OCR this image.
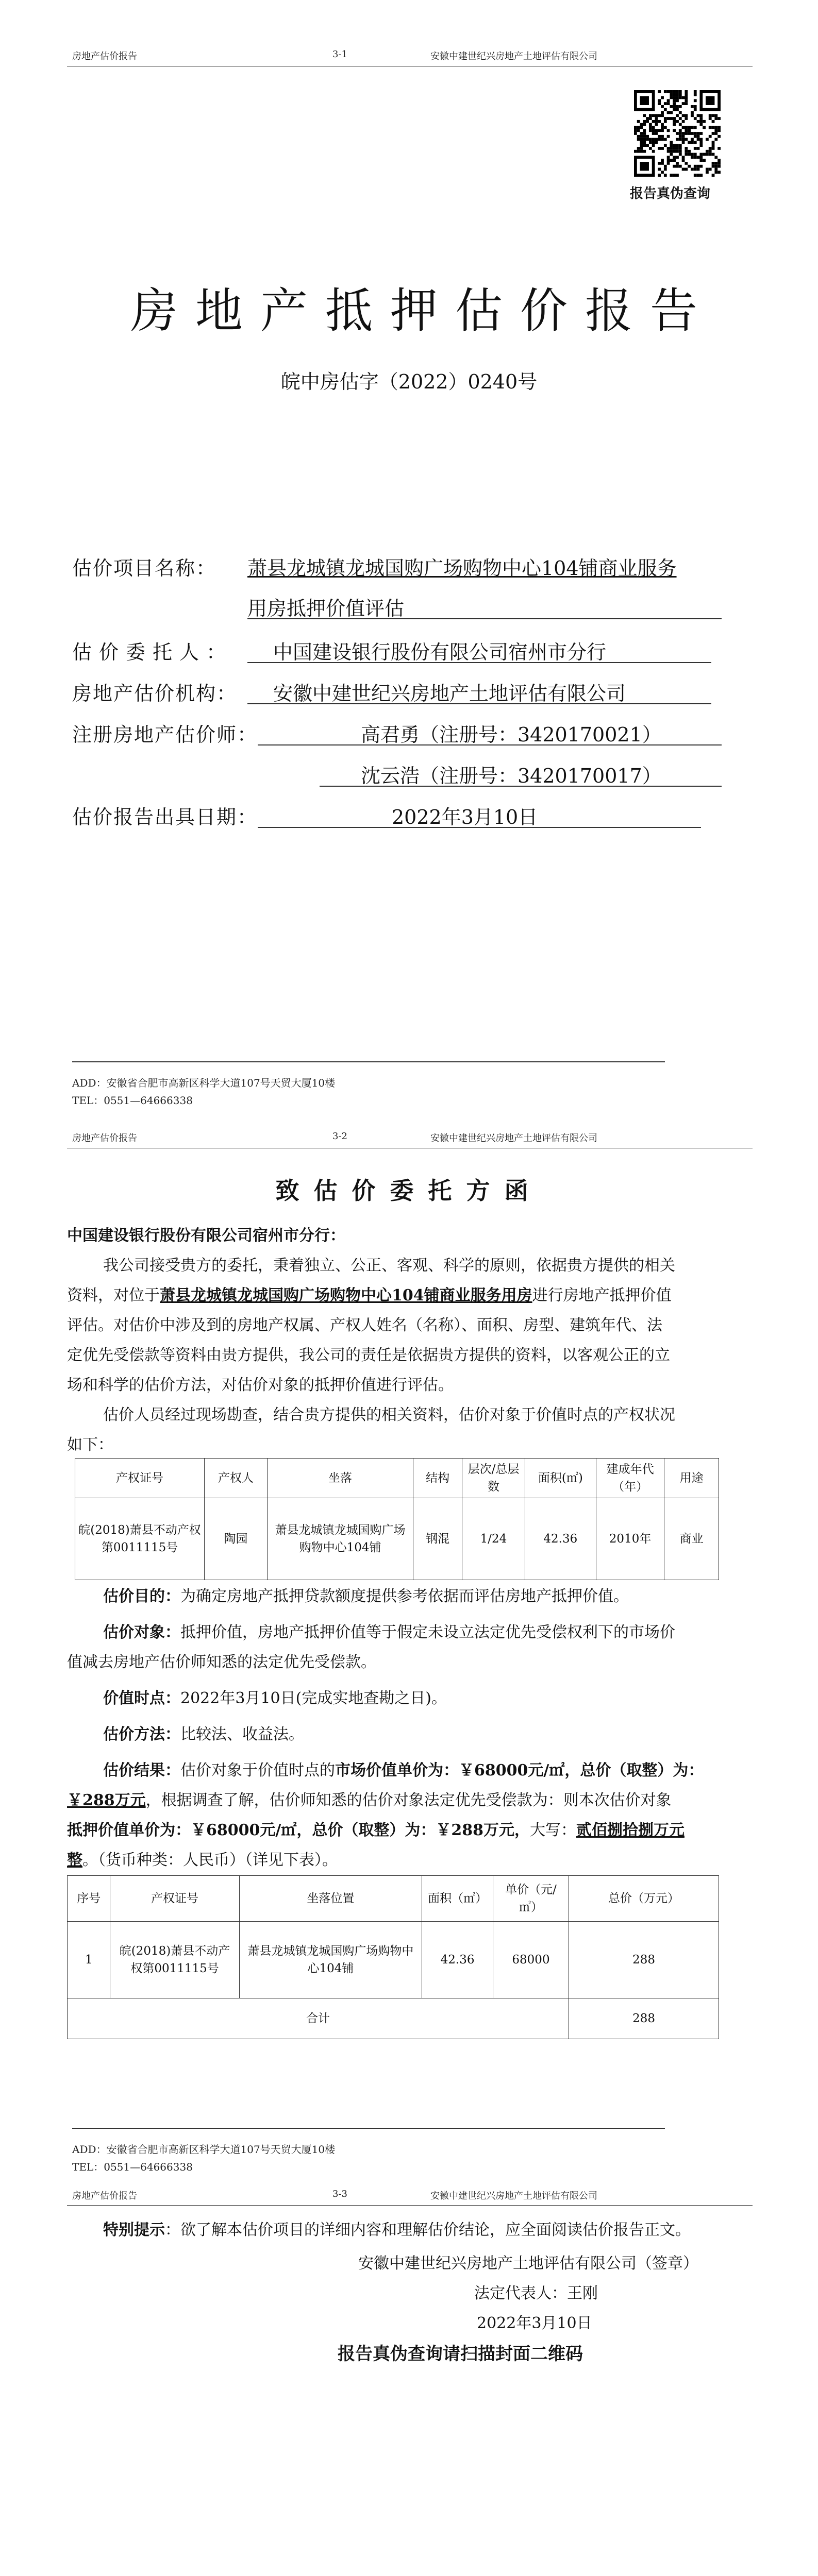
房地产估价报告	3-1	安徽中建世纪兴房地产土地评估有限公司
报告真伪查询
房地产抵押估价报告
皖中房估字（2022）0240号
估价项目名称： 萧县龙城镇龙城国购广场购物中心104铺商业服务
用房抵押价值评估
估价委托人： 中国建设银行股份有限公司宿州市分行
房地产估价机构： 安徽中建世纪兴房地产土地评估有限公司
注册房地产估价师：	高君勇（注册号：3420170021）
沈云浩（注册号：3420170017）
估价报告出具日期：	2022年3月10日
ADD：安徽省合肥市高新区科学大道107号天贸大厦10楼
TEL：0551—64666338
房地产估价报告	3-2	安徽中建世纪兴房地产土地评估有限公司
致估价委托方函
中国建设银行股份有限公司宿州市分行：
我公司接受贵方的委托，秉着独立、公正、客观、科学的原则，依据贵方提供的相关
资料，对位于萧县龙城镇龙城国购广场购物中心104铺商业服务用房进行房地产抵押价值
评估。对估价中涉及到的房地产权属、产权人姓名（名称）、面积、房型、建筑年代、法
定优先受偿款等资料由贵方提供，我公司的责任是依据贵方提供的资料，以客观公正的立
场和科学的估价方法，对估价对象的抵押价值进行评估。
估价人员经过现场勘查，结合贵方提供的相关资料，估价对象于价值时点的产权状况
如下：
产权证号	产权人	坐落	结构	层次/总层数	面积(㎡)	建成年代（年）	用途
皖(2018)萧县不动产权第0011115号	陶园	萧县龙城镇龙城国购广场购物中心104铺	钢混	1/24	42.36	2010年	商业
估价目的：为确定房地产抵押贷款额度提供参考依据而评估房地产抵押价值。
估价对象：抵押价值，房地产抵押价值等于假定未设立法定优先受偿权利下的市场价
值减去房地产估价师知悉的法定优先受偿款。
价值时点：2022年3月10日(完成实地查勘之日)。
估价方法：比较法、收益法。
估价结果：估价对象于价值时点的市场价值单价为：￥68000元/㎡，总价（取整）为：
￥288万元，根据调查了解，估价师知悉的估价对象法定优先受偿款为：则本次估价对象
抵押价值单价为：￥68000元/㎡，总价（取整）为：￥288万元，大写：贰佰捌拾捌万元
整。（货币种类：人民币）（详见下表）。
序号	产权证号	坐落位置	面积（㎡）	单价（元/㎡）	总价（万元）
1	皖(2018)萧县不动产权第0011115号	萧县龙城镇龙城国购广场购物中心104铺	42.36	68000	288
合计					288
ADD：安徽省合肥市高新区科学大道107号天贸大厦10楼
TEL：0551—64666338
房地产估价报告	3-3	安徽中建世纪兴房地产土地评估有限公司
特别提示：欲了解本估价项目的详细内容和理解估价结论，应全面阅读估价报告正文。
安徽中建世纪兴房地产土地评估有限公司（签章）
法定代表人：王刚
2022年3月10日
报告真伪查询请扫描封面二维码
